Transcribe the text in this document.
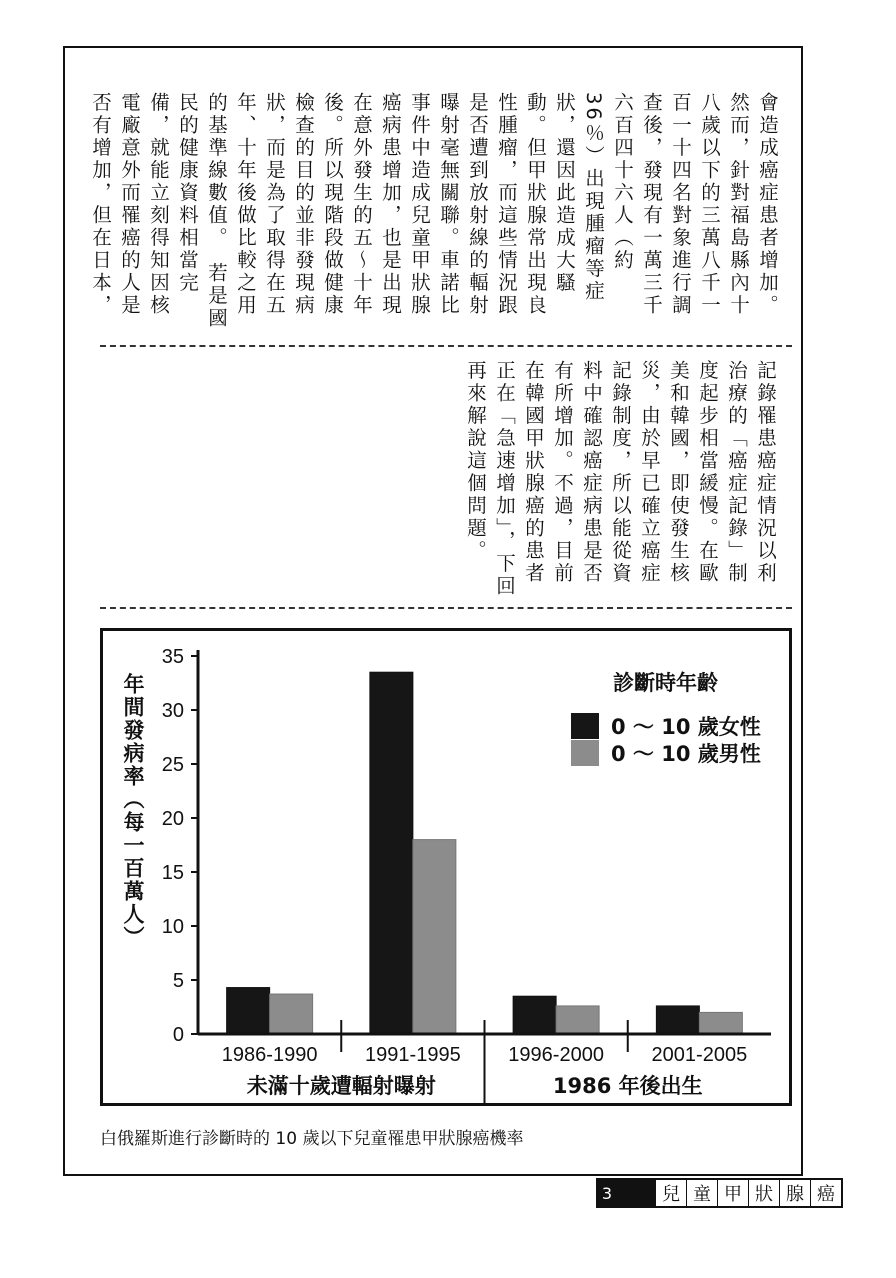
會造成癌症患者增加。　然而，針對福島縣內十八歲以下的三萬八千一百一十四名對象進行調查後，發現有一萬三千六百四十六人（約36％）出現腫瘤等症狀，還因此造成大騷動。但甲狀腺常出現良性腫瘤，而這些情況跟是否遭到放射線的輻射曝射毫無關聯。車諾比事件中造成兒童甲狀腺癌病患增加，也是出現在意外發生的五～十年後。所以現階段做健康檢查的目的並非發現病狀，而是為了取得在五年、十年後做比較之用的基準線數值。　若是國民的健康資料相當完備，就能立刻得知因核電廠意外而罹癌的人是否有增加，但在日本，
記錄罹患癌症情況以利治療的「癌症記錄」制度起步相當緩慢。在歐美和韓國，即使發生核災，由於早已確立癌症記錄制度，所以能從資料中確認癌症病患是否有所增加。不過，目前在韓國甲狀腺癌的患者正在「急速增加」，下回再來解說這個問題。
0
5
10
15
20
25
30
35
年間發病率（每一百萬人）
1986-1990 1991-1995 1996-2000 2001-2005
未滿十歲遭輻射曝射	1986 年後出生
診斷時年齡
0 ～ 10 歲女性
0 ～ 10 歲男性
白俄羅斯進行診斷時的 10 歲以下兒童罹患甲狀腺癌機率
3	兒 童 甲 狀 腺 癌
